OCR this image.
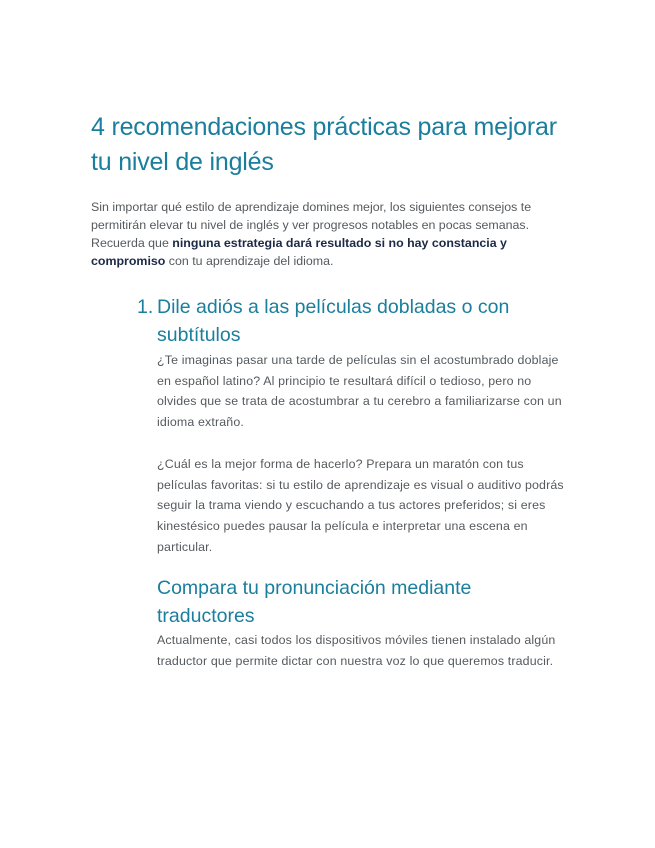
4 recomendaciones prácticas para mejorar tu nivel de inglés

Sin importar qué estilo de aprendizaje domines mejor, los siguientes consejos te permitirán elevar tu nivel de inglés y ver progresos notables en pocas semanas. Recuerda que ninguna estrategia dará resultado si no hay constancia y compromiso con tu aprendizaje del idioma.

1. Dile adiós a las películas dobladas o con
subtítulos

¿Te imaginas pasar una tarde de películas sin el acostumbrado doblaje en español latino? Al principio te resultará difícil o tedioso, pero no olvides que se trata de acostumbrar a tu cerebro a familiarizarse con un idioma extraño.

¿Cuál es la mejor forma de hacerlo? Prepara un maratón con tus películas favoritas: si tu estilo de aprendizaje es visual o auditivo podrás seguir la trama viendo y escuchando a tus actores preferidos; si eres kinestésico puedes pausar la película e interpretar una escena en particular.

Compara tu pronunciación mediante traductores

Actualmente, casi todos los dispositivos móviles tienen instalado algún traductor que permite dictar con nuestra voz lo que queremos traducir.
